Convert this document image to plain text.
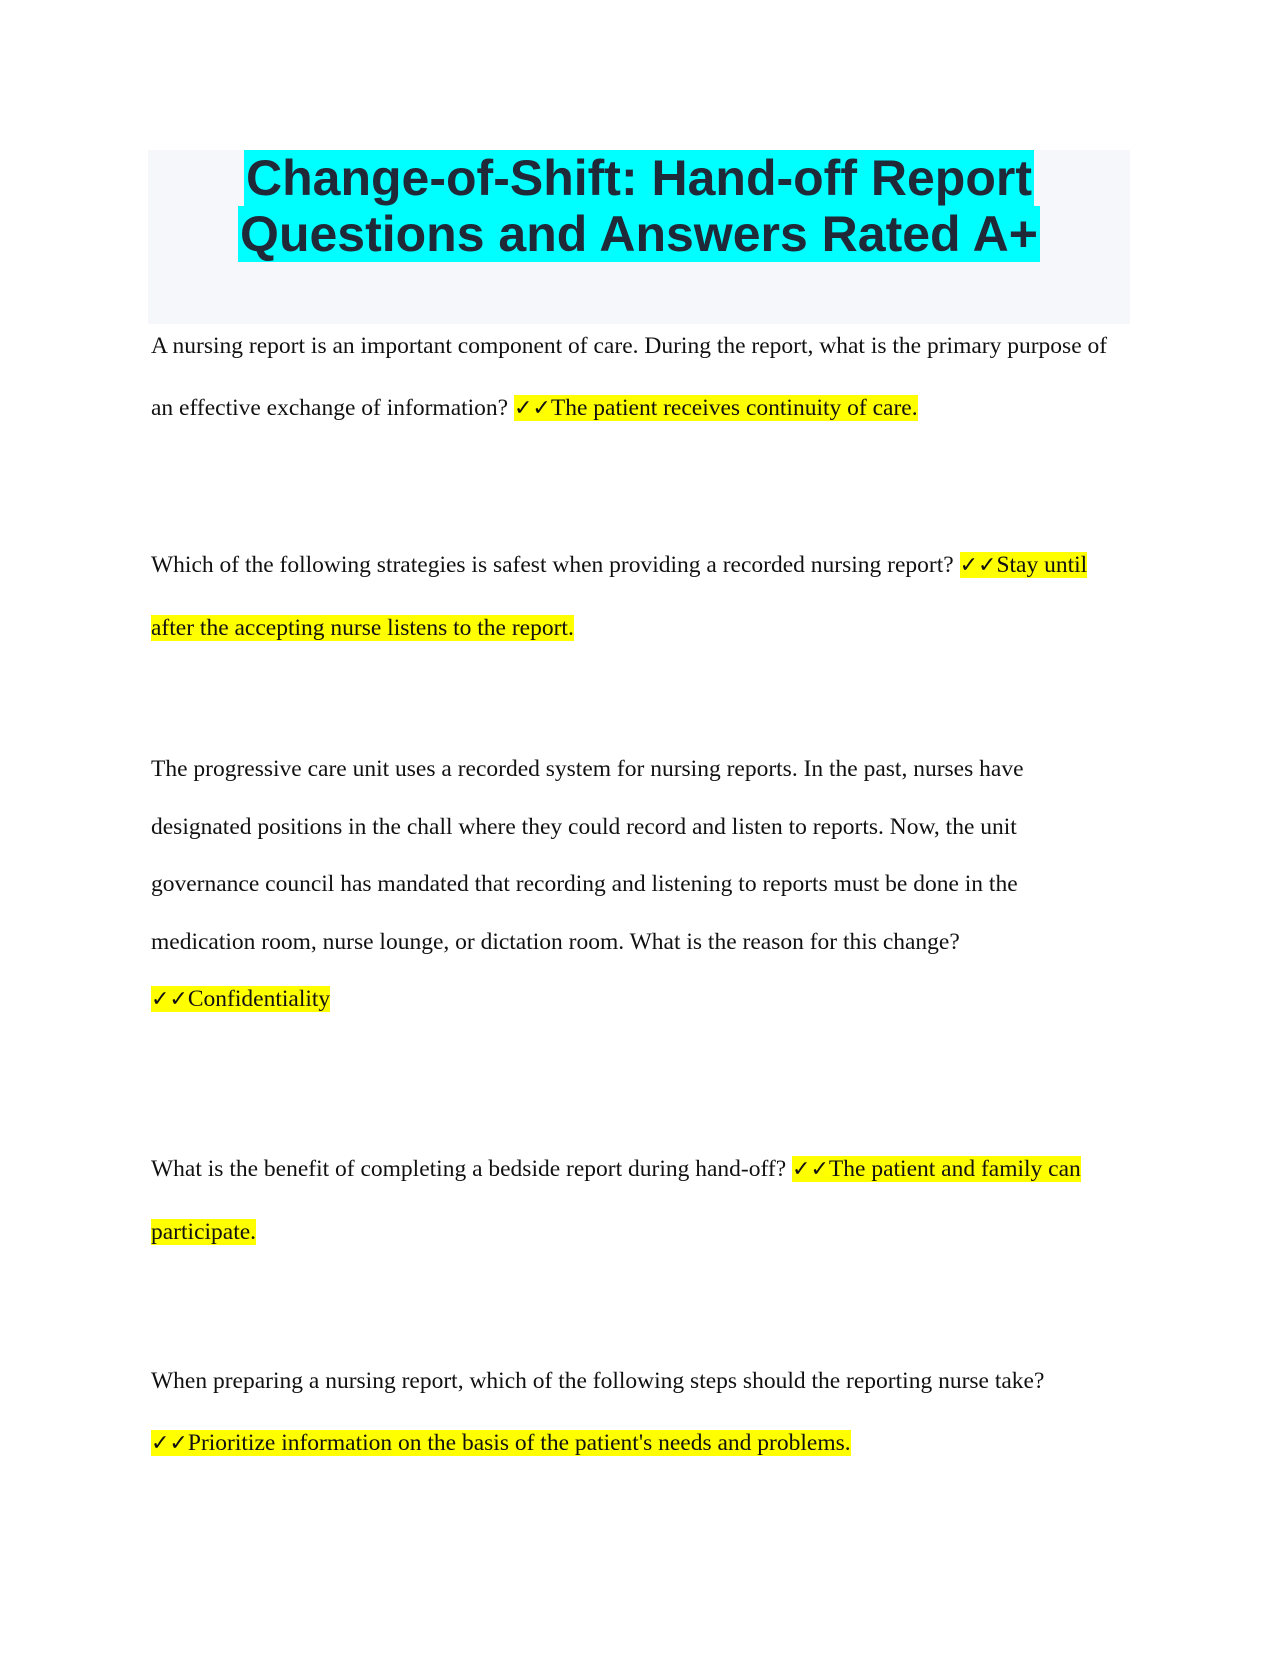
Change-of-Shift: Hand-off Report
Questions and Answers Rated A+

A nursing report is an important component of care. During the report, what is the primary purpose of an effective exchange of information? ✓✓The patient receives continuity of care.

Which of the following strategies is safest when providing a recorded nursing report? ✓✓Stay until after the accepting nurse listens to the report.

The progressive care unit uses a recorded system for nursing reports. In the past, nurses have designated positions in the chall where they could record and listen to reports. Now, the unit governance council has mandated that recording and listening to reports must be done in the medication room, nurse lounge, or dictation room. What is the reason for this change? ✓✓Confidentiality

What is the benefit of completing a bedside report during hand-off? ✓✓The patient and family can participate.

When preparing a nursing report, which of the following steps should the reporting nurse take? ✓✓Prioritize information on the basis of the patient's needs and problems.
